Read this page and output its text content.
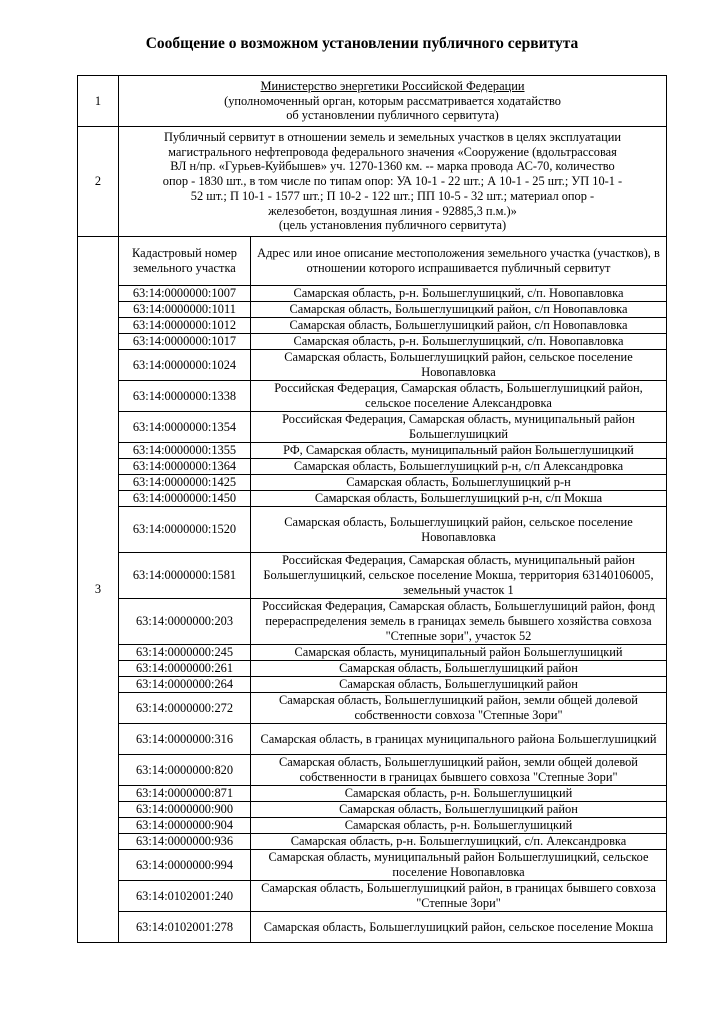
Сообщение о возможном установлении публичного сервитута
1	
Министерство энергетики Российской Федерации
(уполномоченный орган, которым рассматривается ходатайство
об установлении публичного сервитута)

2	
Публичный сервитут в отношении земель и земельных участков в целях эксплуатации
магистрального нефтепровода федерального значения «Сооружение (вдольтрассовая
ВЛ н/пр. «Гурьев-Куйбышев» уч. 1270-1360 км. -- марка провода АС-70, количество
опор - 1830 шт., в том числе по типам опор: УА 10-1 - 22 шт.; А 10-1 - 25 шт.; УП 10-1 -
52 шт.; П 10-1 - 1577 шт.; П 10-2 - 122 шт.; ПП 10-5 - 32 шт.; материал опор -
железобетон, воздушная линия - 92885,3 п.м.)»
(цель установления публичного сервитута)

3	
Кадастровый номер земельного участка	Адрес или иное описание местоположения земельного участка (участков), в отношении которого испрашивается публичный сервитут
63:14:0000000:1007	Самарская область, р-н. Большеглушицкий, с/п. Новопавловка
63:14:0000000:1011	Самарская область, Большеглушицкий район, с/п Новопавловка
63:14:0000000:1012	Самарская область, Большеглушицкий район, с/п Новопавловка
63:14:0000000:1017	Самарская область, р-н. Большеглушицкий, с/п. Новопавловка
63:14:0000000:1024	Самарская область, Большеглушицкий район, сельское поселение Новопавловка
63:14:0000000:1338	Российская Федерация, Самарская область, Большеглушицкий район, сельское поселение Александровка
63:14:0000000:1354	Российская Федерация, Самарская область, муниципальный район Большеглушицкий
63:14:0000000:1355	РФ, Самарская область, муниципальный район Большеглушицкий
63:14:0000000:1364	Самарская область, Большеглушицкий р-н, с/п Александровка
63:14:0000000:1425	Самарская область, Большеглушицкий р-н
63:14:0000000:1450	Самарская область, Большеглушицкий р-н, с/п Мокша
63:14:0000000:1520	Самарская область, Большеглушицкий район, сельское поселение Новопавловка
63:14:0000000:1581	Российская Федерация, Самарская область, муниципальный район Большеглушицкий, сельское поселение Мокша, территория 63140106005, земельный участок 1
63:14:0000000:203	Российская Федерация, Самарская область, Большеглушиций район, фонд перераспределения земель в границах земель бывшего хозяйства совхоза "Степные зори", участок 52
63:14:0000000:245	Самарская область, муниципальный район Большеглушицкий
63:14:0000000:261	Самарская область, Большеглушицкий район
63:14:0000000:264	Самарская область, Большеглушицкий район
63:14:0000000:272	Самарская область, Большеглушицкий район, земли общей долевой собственности совхоза "Степные Зори"
63:14:0000000:316	Самарская область, в границах муниципального района Большеглушицкий
63:14:0000000:820	Самарская область, Большеглушицкий район, земли общей долевой собственности в границах бывшего совхоза "Степные Зори"
63:14:0000000:871	Самарская область, р-н. Большеглушицкий
63:14:0000000:900	Самарская область, Большеглушицкий район
63:14:0000000:904	Самарская область, р-н. Большеглушицкий
63:14:0000000:936	Самарская область, р-н. Большеглушицкий, с/п. Александровка
63:14:0000000:994	Самарская область, муниципальный район Большеглушицкий, сельское поселение Новопавловка
63:14:0102001:240	Самарская область, Большеглушицкий район, в границах бывшего совхоза "Степные Зори"
63:14:0102001:278	Самарская область, Большеглушицкий район, сельское поселение Мокша
